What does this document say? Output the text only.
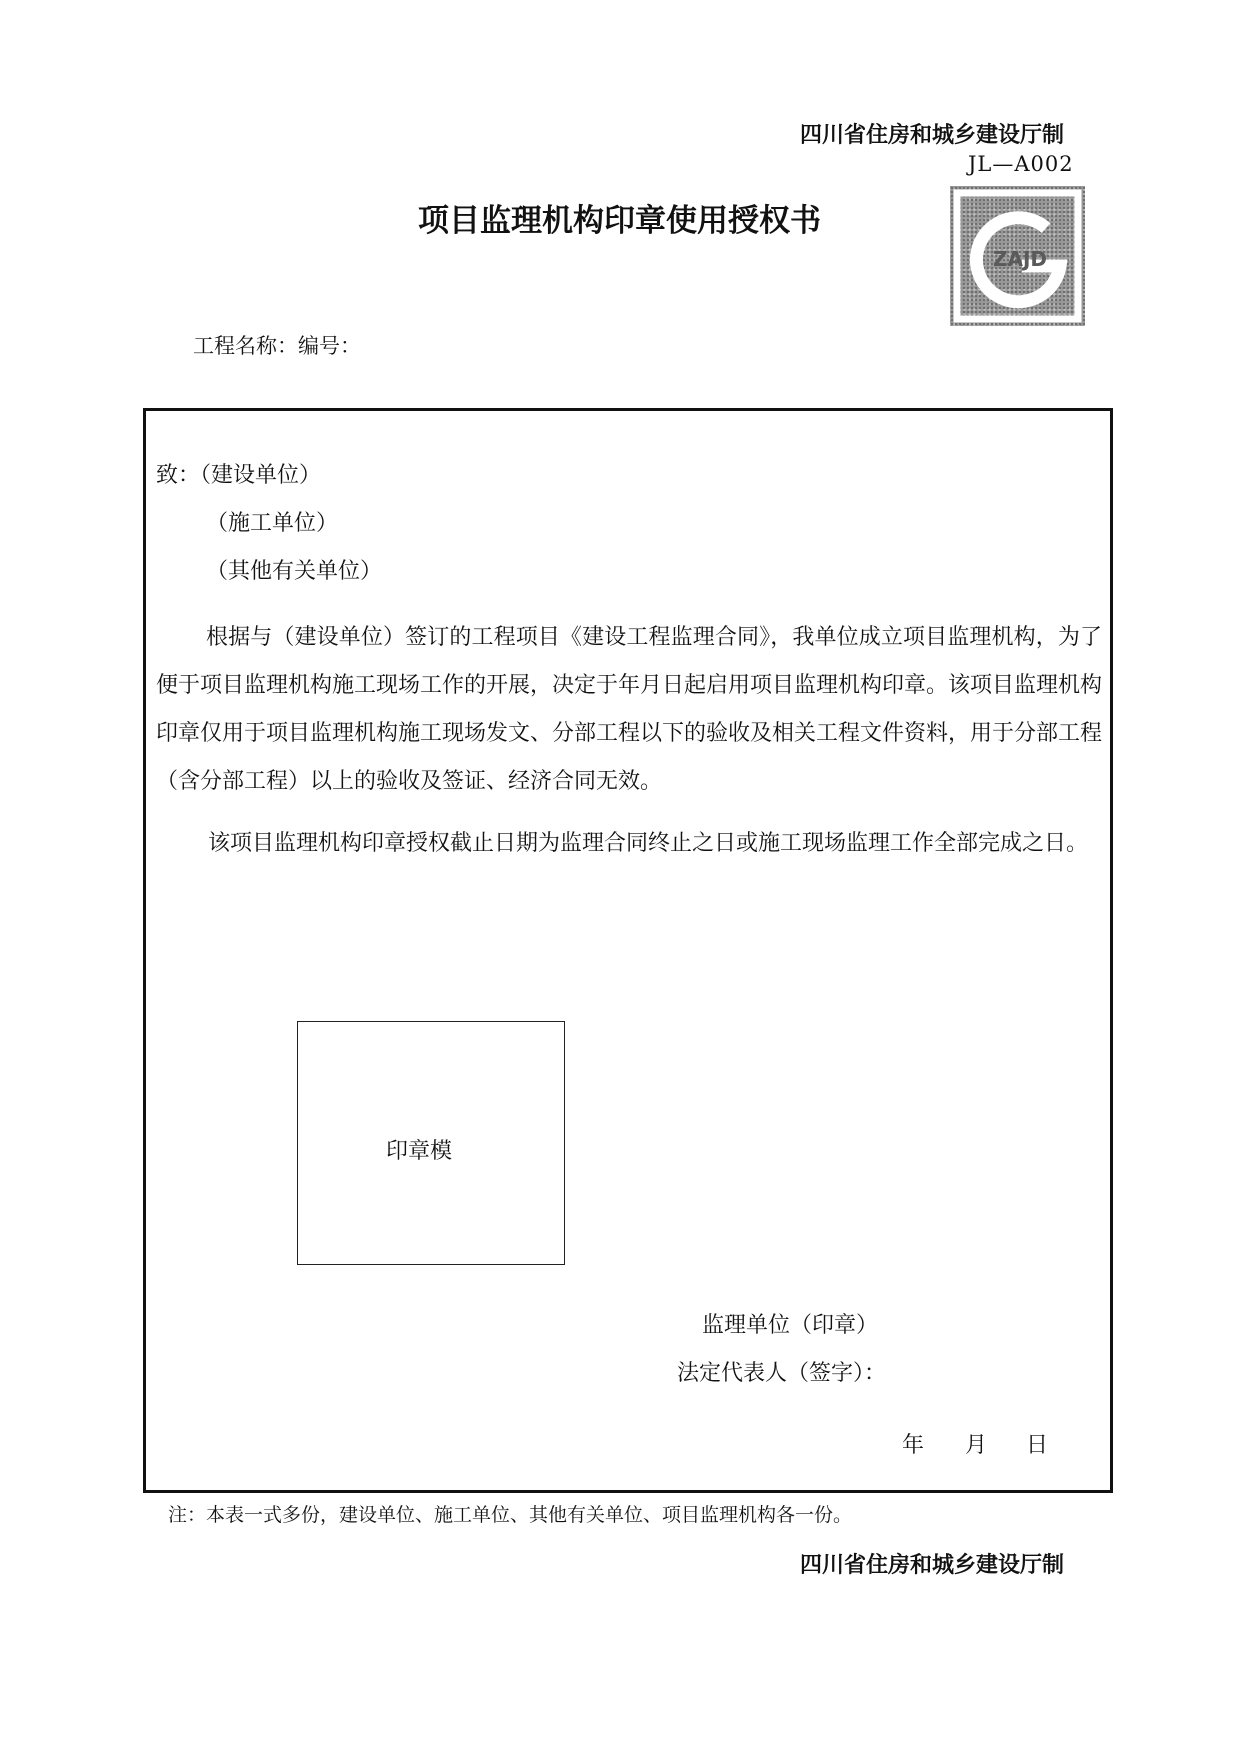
四川省住房和城乡建设厅制
JL—A002
项目监理机构印章使用授权书
ZAJD
工程名称：编号：
致：（建设单位）
（施工单位）
（其他有关单位）
根据与（建设单位）签订的工程项目《建设工程监理合同》，我单位成立项目监理机构，为了便于项目监理机构施工现场工作的开展，决定于年月日起启用项目监理机构印章。该项目监理机构印章仅用于项目监理机构施工现场发文、分部工程以下的验收及相关工程文件资料，用于分部工程（含分部工程）以上的验收及签证、经济合同无效。
该项目监理机构印章授权截止日期为监理合同终止之日或施工现场监理工作全部完成之日。
印章模
监理单位（印章）
法定代表人（签字）：
年 月 日
注：本表一式多份，建设单位、施工单位、其他有关单位、项目监理机构各一份。
四川省住房和城乡建设厅制
